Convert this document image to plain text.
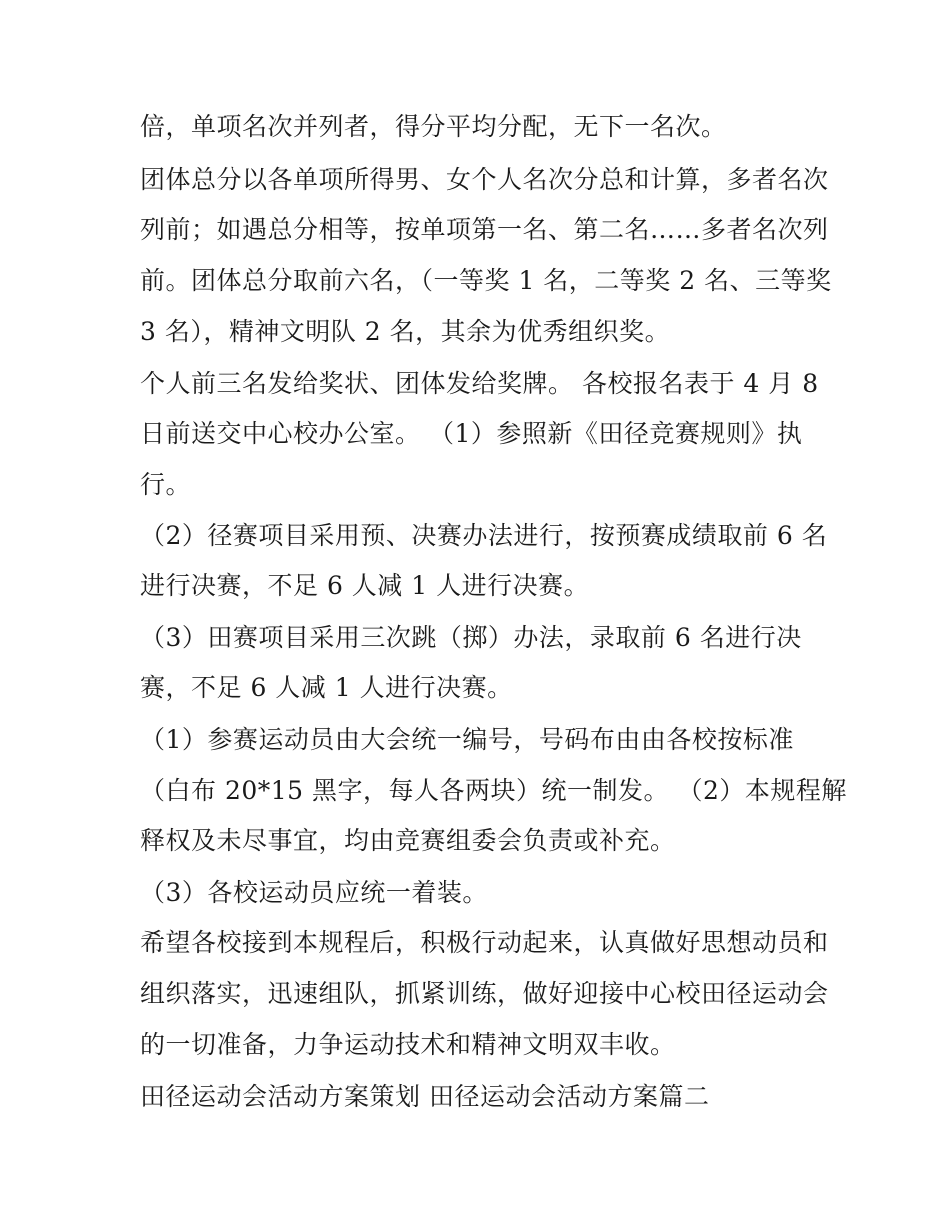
倍，单项名次并列者，得分平均分配，无下一名次。
团体总分以各单项所得男、女个人名次分总和计算，多者名次
列前；如遇总分相等，按单项第一名、第二名……多者名次列
前。团体总分取前六名，（一等奖 1 名，二等奖 2 名、三等奖
3 名），精神文明队 2 名，其余为优秀组织奖。
个人前三名发给奖状、团体发给奖牌。 各校报名表于 4 月 8
日前送交中心校办公室。 （1）参照新《田径竞赛规则》执
行。
（2）径赛项目采用预、决赛办法进行，按预赛成绩取前 6 名
进行决赛，不足 6 人减 1 人进行决赛。
（3）田赛项目采用三次跳（掷）办法，录取前 6 名进行决
赛，不足 6 人减 1 人进行决赛。
（1）参赛运动员由大会统一编号，号码布由由各校按标准
（白布 20*15 黑字，每人各两块）统一制发。 （2）本规程解
释权及未尽事宜，均由竞赛组委会负责或补充。
（3）各校运动员应统一着装。
希望各校接到本规程后，积极行动起来，认真做好思想动员和
组织落实，迅速组队，抓紧训练，做好迎接中心校田径运动会
的一切准备，力争运动技术和精神文明双丰收。
田径运动会活动方案策划 田径运动会活动方案篇二
